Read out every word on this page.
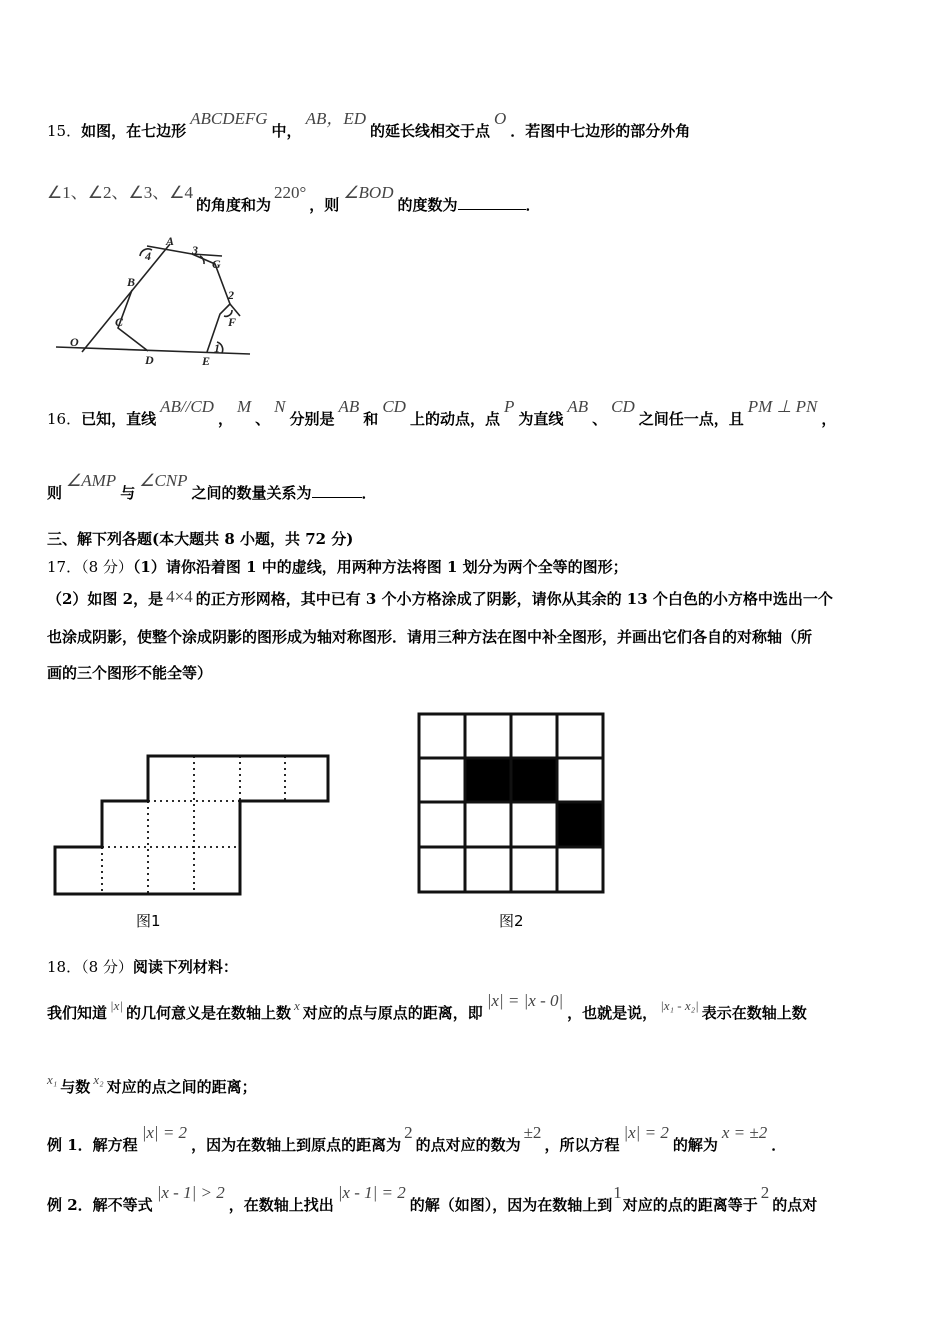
15．如图，在七边形ABCDEFG中，AB，ED的延长线相交于点O．若图中七边形的部分外角
∠1、∠2、∠3、∠4的角度和为220°，则∠BOD的度数为	．
A
B
C
D	E
F
G
O	1
2
3
4
16．已知，直线AB//CD，M、N分别是AB和CD上的动点，点P为直线AB、CD之间任一点，且PM ⊥ PN，
则∠AMP与∠CNP之间的数量关系为	．
三、解下列各题(本大题共 8 小题，共 72 分)
17．（8 分）（1）请你沿着图 1 中的虚线，用两种方法将图 1 划分为两个全等的图形；
（2）如图 2，是 4×4 的正方形网格，其中已有 3 个小方格涂成了阴影，请你从其余的 13 个白色的小方格中选出一个
也涂成阴影，使整个涂成阴影的图形成为轴对称图形．请用三种方法在图中补全图形，并画出它们各自的对称轴（所
画的三个图形不能全等）
图1	图2
18．（8 分）阅读下列材料：
我们知道 |x| 的几何意义是在数轴上数 x 对应的点与原点的距离，即|x| = |x - 0|，也就是说， |x₁ - x₂| 表示在数轴上数
x₁ 与数 x₂ 对应的点之间的距离；
例 1．解方程|x| = 2，因为在数轴上到原点的距离为2的点对应的数为±2，所以方程|x| = 2的解为x = ±2．
例 2．解不等式|x - 1| > 2，在数轴上找出|x - 1| = 2的解（如图），因为在数轴上到1对应的点的距离等于2的点对
